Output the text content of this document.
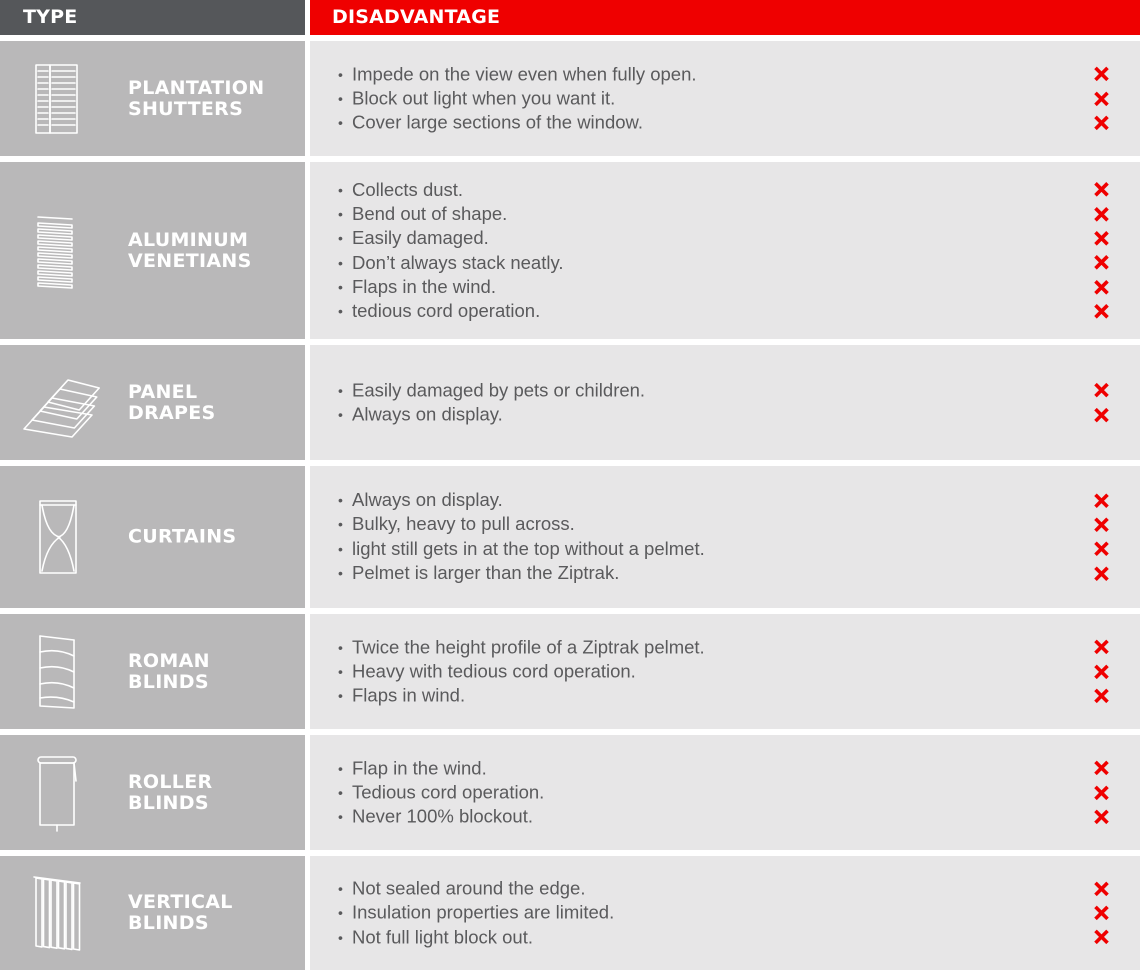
TYPE	DISADVANTAGE
PLANTATION
SHUTTERS
• Impede on the view even when fully open.
• Block out light when you want it.
• Cover large sections of the window.
ALUMINUM
VENETIANS
• Collects dust.
• Bend out of shape.
• Easily damaged.
• Don’t always stack neatly.
• Flaps in the wind.
• tedious cord operation.
PANEL
DRAPES
• Easily damaged by pets or children.
• Always on display.
CURTAINS
• Always on display.
• Bulky, heavy to pull across.
• light still gets in at the top without a pelmet.
• Pelmet is larger than the Ziptrak.
ROMAN
BLINDS
• Twice the height profile of a Ziptrak pelmet.
• Heavy with tedious cord operation.
• Flaps in wind.
ROLLER
BLINDS
• Flap in the wind.
• Tedious cord operation.
• Never 100% blockout.
VERTICAL
BLINDS
• Not sealed around the edge.
• Insulation properties are limited.
• Not full light block out.
